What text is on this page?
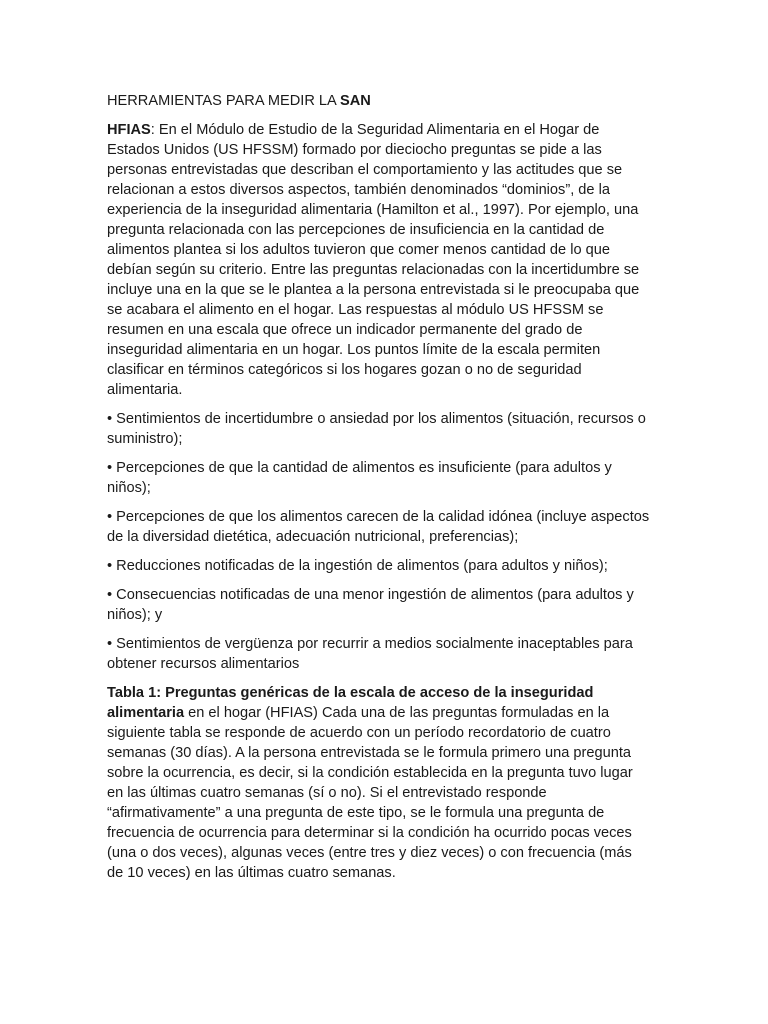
HERRAMIENTAS PARA MEDIR LA SAN

HFIAS: En el Módulo de Estudio de la Seguridad Alimentaria en el Hogar de Estados Unidos (US HFSSM) formado por dieciocho preguntas se pide a las personas entrevistadas que describan el comportamiento y las actitudes que se relacionan a estos diversos aspectos, también denominados “dominios”, de la experiencia de la inseguridad alimentaria (Hamilton et al., 1997). Por ejemplo, una pregunta relacionada con las percepciones de insuficiencia en la cantidad de alimentos plantea si los adultos tuvieron que comer menos cantidad de lo que debían según su criterio. Entre las preguntas relacionadas con la incertidumbre se incluye una en la que se le plantea a la persona entrevistada si le preocupaba que se acabara el alimento en el hogar. Las respuestas al módulo US HFSSM se resumen en una escala que ofrece un indicador permanente del grado de inseguridad alimentaria en un hogar. Los puntos límite de la escala permiten clasificar en términos categóricos si los hogares gozan o no de seguridad alimentaria.

• Sentimientos de incertidumbre o ansiedad por los alimentos (situación, recursos o suministro);

• Percepciones de que la cantidad de alimentos es insuficiente (para adultos y niños);

• Percepciones de que los alimentos carecen de la calidad idónea (incluye aspectos de la diversidad dietética, adecuación nutricional, preferencias);

• Reducciones notificadas de la ingestión de alimentos (para adultos y niños);

• Consecuencias notificadas de una menor ingestión de alimentos (para adultos y niños); y

• Sentimientos de vergüenza por recurrir a medios socialmente inaceptables para obtener recursos alimentarios

Tabla 1: Preguntas genéricas de la escala de acceso de la inseguridad alimentaria en el hogar (HFIAS) Cada una de las preguntas formuladas en la siguiente tabla se responde de acuerdo con un período recordatorio de cuatro semanas (30 días). A la persona entrevistada se le formula primero una pregunta sobre la ocurrencia, es decir, si la condición establecida en la pregunta tuvo lugar en las últimas cuatro semanas (sí o no). Si el entrevistado responde “afirmativamente” a una pregunta de este tipo, se le formula una pregunta de frecuencia de ocurrencia para determinar si la condición ha ocurrido pocas veces (una o dos veces), algunas veces (entre tres y diez veces) o con frecuencia (más de 10 veces) en las últimas cuatro semanas.
